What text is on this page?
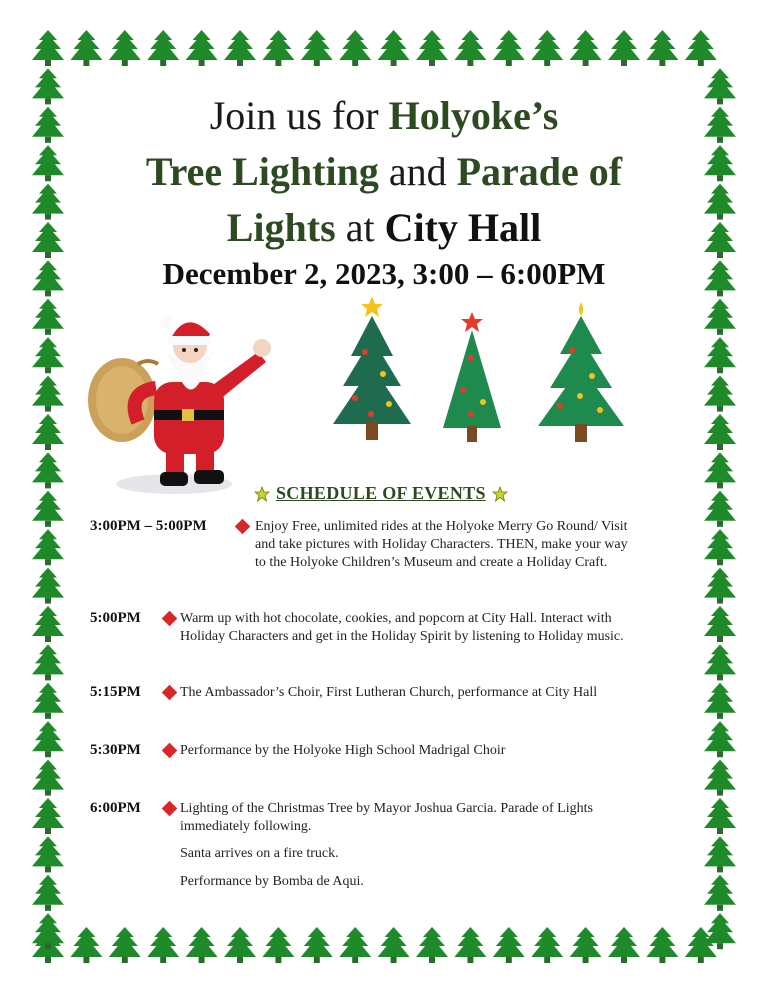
Join us for Holyoke’s
Tree Lighting and Parade of
Lights at City Hall
December 2, 2023, 3:00 – 6:00PM
SCHEDULE OF EVENTS
3:00PM – 5:00PM	Enjoy Free, unlimited rides at the Holyoke Merry Go Round/ Visit
and take pictures with Holiday Characters. THEN, make your way
to the Holyoke Children’s Museum and create a Holiday Craft.
5:00PM	Warm up with hot chocolate, cookies, and popcorn at City Hall. Interact with
Holiday Characters and get in the Holiday Spirit by listening to Holiday music.
5:15PM	The Ambassador’s Choir, First Lutheran Church, performance at City Hall
5:30PM	Performance by the Holyoke High School Madrigal Choir
6:00PM	Lighting of the Christmas Tree by Mayor Joshua Garcia. Parade of Lights
immediately following.
Santa arrives on a fire truck.
Performance by Bomba de Aqui.
